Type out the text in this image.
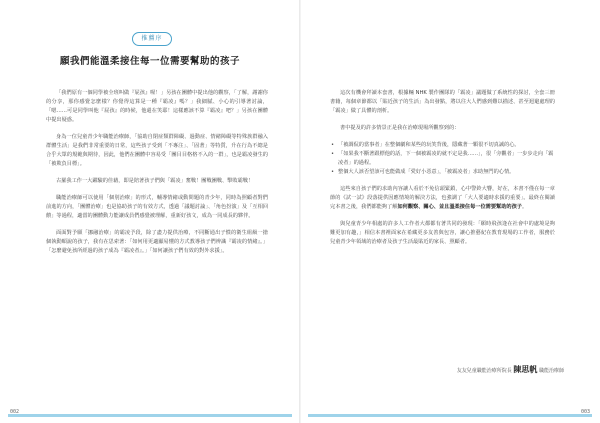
推薦序
願我們能溫柔接住每一位需要幫助的孩子

「我們原有一個同學被全班叫做『屁孩』喔！」另孩在團體中提出他的觀察，「了解，謝謝你的分享，那你感覺怎麼樣？你覺得這算是一種『霸凌』嗎？」我細膩、小心的引導著討論，「嗯……可是同學叫他『屁孩』的時候，他還在笑耶！這樣應該不算『霸凌』吧？」另孩在團體中提出疑惑。

身為一位兒童青少年職能治療師，「協助自閉症類群障礙、過動症、情緒障礙等特殊族群融入群體生活」是我們非常重要的日常，這些孩子受到「不專注」、「固著」等特質，升在行為不總是合乎大眾的規範與期待，因此，他們在團體中容易受「團目目格格不入的一群」，也是霸凌發生的「被欺負目標」。

古羅我工作一大躍驗的佳藉，即是陪著孩子們與「霸凌」奮戰！團戰團戰、擊敗霸戰！

職能治療師可以使用「個別治療」的形式，輔導情緒或動問題的青少年，同時為照顧者對們前進的方向，「團體治療」也是協助孩子的有效方式，透過「議題討論」、「角色扮演」及「互相回饋」等過程，適當的團體動力能讓成員們感覺被理解，重新好孩文，成為一同成長的夥伴。

面面對予願「挪融治療」的霸凌予段，除了盡力提供治療，不同斷通出子慣的衛生組級一搶個執動順說的孩子，我有在思索著：「如何用更適顯易懂的方式教導孩子們辨識『霸凌的情緒』。」「怎麼避免孩所經過的孩子成為『霸凌者』。」「如何讓孩子們有效的對外求援」。

這次有機會拜讀本套書，根據輛 NHK 製作團隊的「霸凌」議題做了系統性的探討，全套三冊書籍，每個章節都以「貼近孩子的生活」為出發點，將以往大人們感到難以描述、甚至迴避處理的「霸凌」做了具體的剖析。

書中提及的許多情景正是我在治療現場所觀察到的：

• 「被調侃的當事者」在整個劇和某些的玩笑背後，隱藏著一顆很不切真誠的心。
• 「如果我不斷著跟標他的話，下一個被霸凌的就不定是我……」，很「旁觀者」一步步走向「霸凌者」的過程。
• 整個大人該否望該可也能做成「愛好小惡意」，「被霸凌者」求助無門的心情。

這些來自孩子們的求助內容讓人看於不免信頭緊鎖，心中警鈴大響，好在，本書不僅在每一章節的《試一試》段落提供因應情境的解決方法，也強調了「大人要適時求援的重要」。最終在閱讀完本書之後，我們都能夠了解如何觀察、關心、並且溫柔接住每一位需要幫助的孩子。

與兒童青少年相處的許多人工作者大都都有著共同的發現：「願時飛孩逢在社會中的處境是夠難更加有趣，」相信本書裡面家在希藏更多友善與包容，讓心推藝紀在教育現場的工作者，服務於兒童青少年領域的治療者及孩子生活最貼近的家長、照顧者。

友友兒童職能治療所院長 陳思帆 職能治療師
002	003
